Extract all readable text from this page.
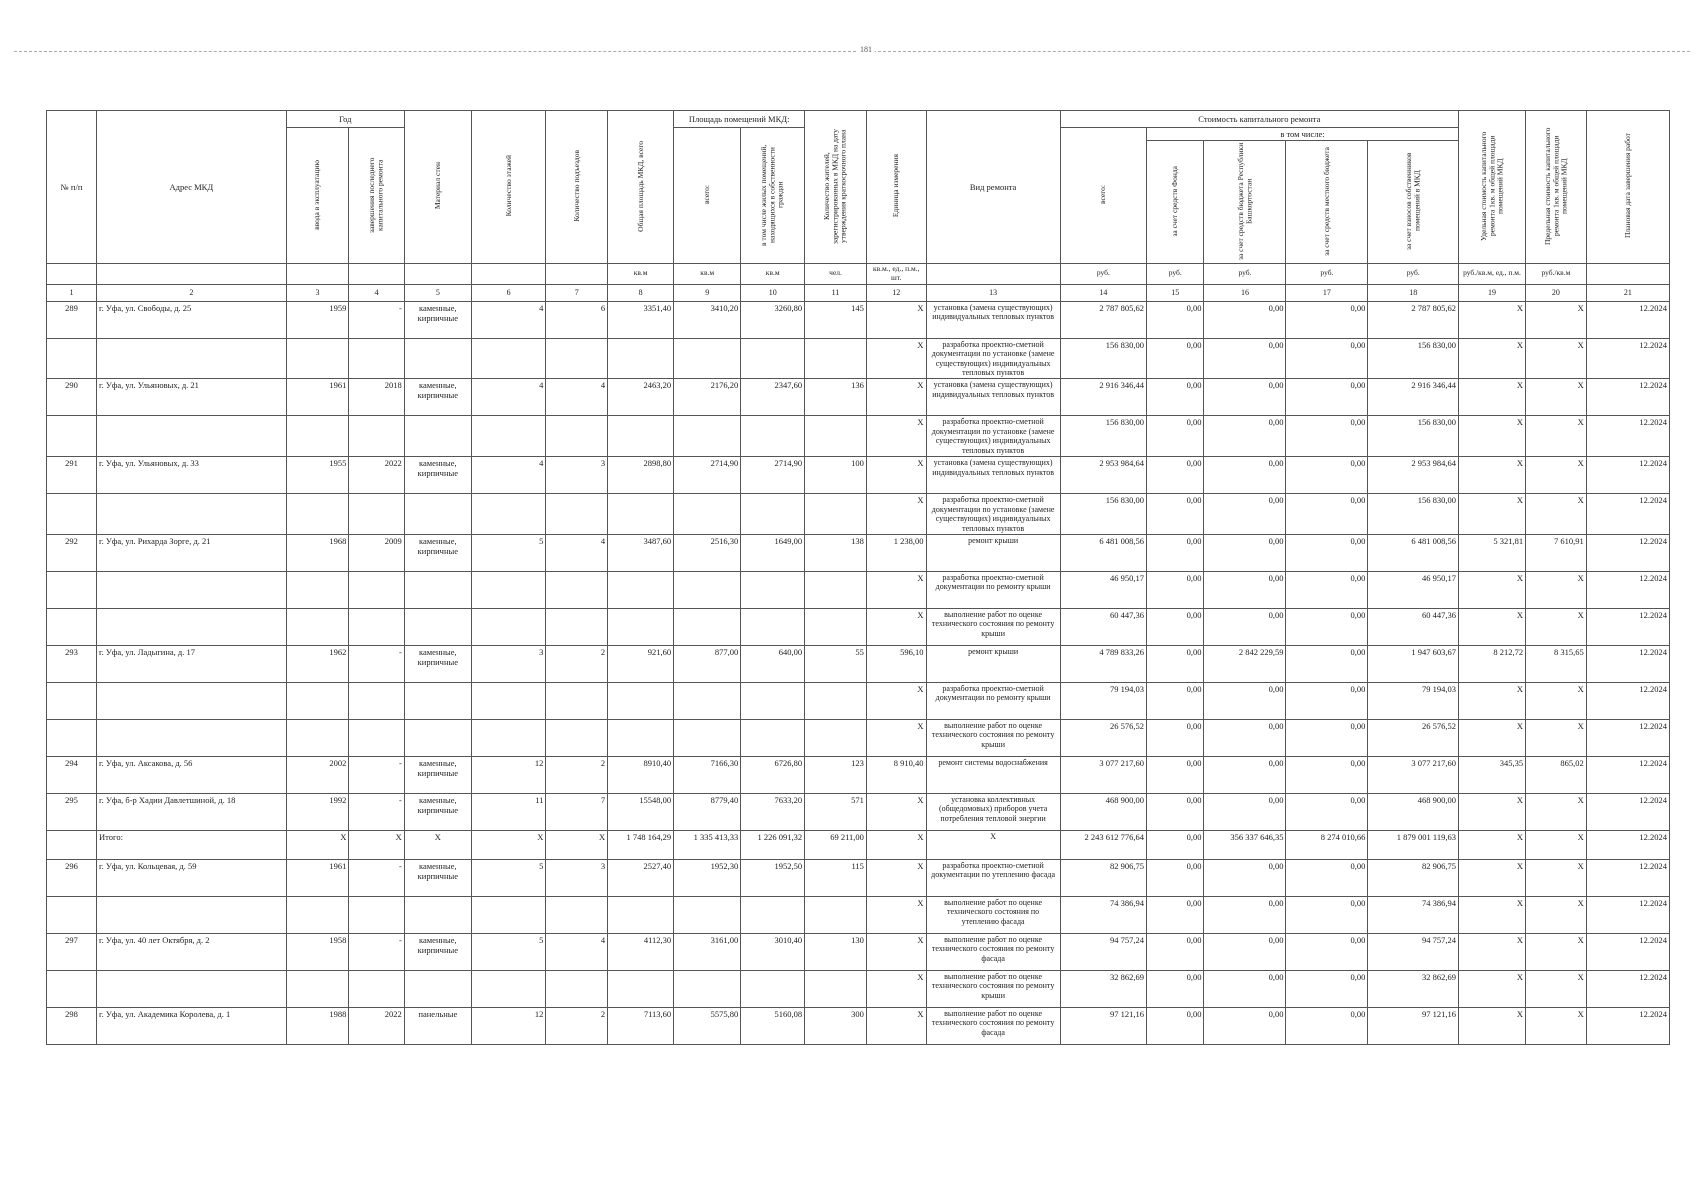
181
№ п/п	Адрес МКД	Год		Материал стен	Количество этажей	Количество подъездов	Общая площадь МКД, всего	Площадь помещений МКД:		Количество жителей, зарегистрированных в МКД на дату утверждения краткосрочного плана	Единица измерения	Вид ремонта	Стоимость капитального ремонта					Удельная стоимость капитального ремонта 1кв. м общей площади помещений МКД	Предельная стоимость капитального ремонта 1кв. м общей площади помещений МКД	Плановая дата завершения работ
		ввода в эксплуатацию	завершения последнего капитального ремонта					всего:	в том числе жилых помещений, находящихся в собственности граждан				всего:	в том числе:						
														за счет средств Фонда	за счет средств бюджета Республики Башкортостан	за счет средств местного бюджета	за счет взносов собственников помещений в МКД			
							кв.м	кв.м	кв.м	чел.	кв.м., ед., п.м., шт.		руб.	руб.	руб.	руб.	руб.	руб./кв.м, ед., п.м.	руб./кв.м	
1	2	3	4	5	6	7	8	9	10	11	12	13	14	15	16	17	18	19	20	21
289	г. Уфа, ул. Свободы, д. 25	1959	-	каменные, кирпичные	4	6	3351,40	3410,20	3260,80	145	X	установка (замена существующих) индивидуальных тепловых пунктов	2 787 805,62	0,00	0,00	0,00	2 787 805,62	X	X	12.2024
											X	разработка проектно-сметной документации по установке (замене существующих) индивидуальных тепловых пунктов	156 830,00	0,00	0,00	0,00	156 830,00	X	X	12.2024
290	г. Уфа, ул. Ульяновых, д. 21	1961	2018	каменные, кирпичные	4	4	2463,20	2176,20	2347,60	136	X	установка (замена существующих) индивидуальных тепловых пунктов	2 916 346,44	0,00	0,00	0,00	2 916 346,44	X	X	12.2024
											X	разработка проектно-сметной документации по установке (замене существующих) индивидуальных тепловых пунктов	156 830,00	0,00	0,00	0,00	156 830,00	X	X	12.2024
291	г. Уфа, ул. Ульяновых, д. 33	1955	2022	каменные, кирпичные	4	3	2898,80	2714,90	2714,90	100	X	установка (замена существующих) индивидуальных тепловых пунктов	2 953 984,64	0,00	0,00	0,00	2 953 984,64	X	X	12.2024
											X	разработка проектно-сметной документации по установке (замене существующих) индивидуальных тепловых пунктов	156 830,00	0,00	0,00	0,00	156 830,00	X	X	12.2024
292	г. Уфа, ул. Рихарда Зорге, д. 21	1968	2009	каменные, кирпичные	5	4	3487,60	2516,30	1649,00	138	1 238,00	ремонт крыши	6 481 008,56	0,00	0,00	0,00	6 481 008,56	5 321,81	7 610,91	12.2024
											X	разработка проектно-сметной документации по ремонту крыши	46 950,17	0,00	0,00	0,00	46 950,17	X	X	12.2024
											X	выполнение работ по оценке технического состояния по ремонту крыши	60 447,36	0,00	0,00	0,00	60 447,36	X	X	12.2024
293	г. Уфа, ул. Ладыгина, д. 17	1962	-	каменные, кирпичные	3	2	921,60	877,00	640,00	55	596,10	ремонт крыши	4 789 833,26	0,00	2 842 229,59	0,00	1 947 603,67	8 212,72	8 315,65	12.2024
											X	разработка проектно-сметной документации по ремонту крыши	79 194,03	0,00	0,00	0,00	79 194,03	X	X	12.2024
											X	выполнение работ по оценке технического состояния по ремонту крыши	26 576,52	0,00	0,00	0,00	26 576,52	X	X	12.2024
294	г. Уфа, ул. Аксакова, д. 56	2002	-	каменные, кирпичные	12	2	8910,40	7166,30	6726,80	123	8 910,40	ремонт системы водоснабжения	3 077 217,60	0,00	0,00	0,00	3 077 217,60	345,35	865,02	12.2024
295	г. Уфа, б-р Хадии Давлетшиной, д. 18	1992	-	каменные, кирпичные	11	7	15548,00	8779,40	7633,20	571	X	установка коллективных (общедомовых) приборов учета потребления тепловой энергии	468 900,00	0,00	0,00	0,00	468 900,00	X	X	12.2024
	Итого:	X	X	X	X	X	1 748 164,29	1 335 413,33	1 226 091,32	69 211,00	X	X	2 243 612 776,64	0,00	356 337 646,35	8 274 010,66	1 879 001 119,63	X	X	12.2024
296	г. Уфа, ул. Кольцевая, д. 59	1961	-	каменные, кирпичные	5	3	2527,40	1952,30	1952,50	115	X	разработка проектно-сметной документации по утеплению фасада	82 906,75	0,00	0,00	0,00	82 906,75	X	X	12.2024
											X	выполнение работ по оценке технического состояния по утеплению фасада	74 386,94	0,00	0,00	0,00	74 386,94	X	X	12.2024
297	г. Уфа, ул. 40 лет Октября, д. 2	1958	-	каменные, кирпичные	5	4	4112,30	3161,00	3010,40	130	X	выполнение работ по оценке технического состояния по ремонту фасада	94 757,24	0,00	0,00	0,00	94 757,24	X	X	12.2024
											X	выполнение работ по оценке технического состояния по ремонту крыши	32 862,69	0,00	0,00	0,00	32 862,69	X	X	12.2024
298	г. Уфа, ул. Академика Королева, д. 1	1988	2022	панельные	12	2	7113,60	5575,80	5160,08	300	X	выполнение работ по оценке технического состояния по ремонту фасада	97 121,16	0,00	0,00	0,00	97 121,16	X	X	12.2024
